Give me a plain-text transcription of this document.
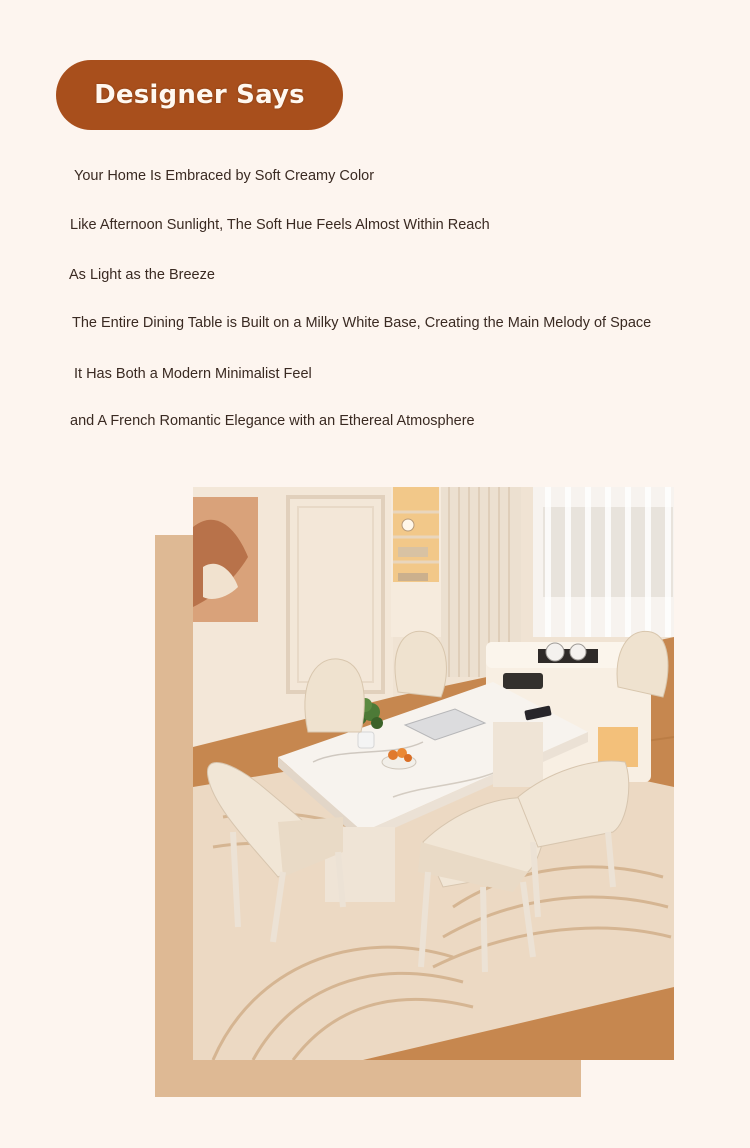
Designer Says
Your Home Is Embraced by Soft Creamy Color
Like Afternoon Sunlight, The Soft Hue Feels Almost Within Reach
As Light as the Breeze
The Entire Dining Table is Built on a Milky White Base, Creating the Main Melody of Space
It Has Both a Modern Minimalist Feel
and A French Romantic Elegance with an Ethereal Atmosphere
